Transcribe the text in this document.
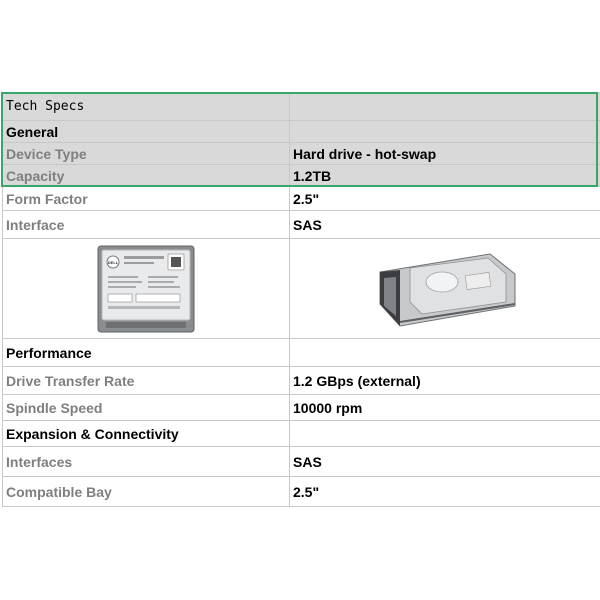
Tech Specs	
General	
Device Type	Hard drive - hot-swap
Capacity	1.2TB
Form Factor	2.5"
Interface	SAS

DELL

Performance	
Drive Transfer Rate	1.2 GBps (external)
Spindle Speed	10000 rpm
Expansion & Connectivity	
Interfaces	SAS
Compatible Bay	2.5"
